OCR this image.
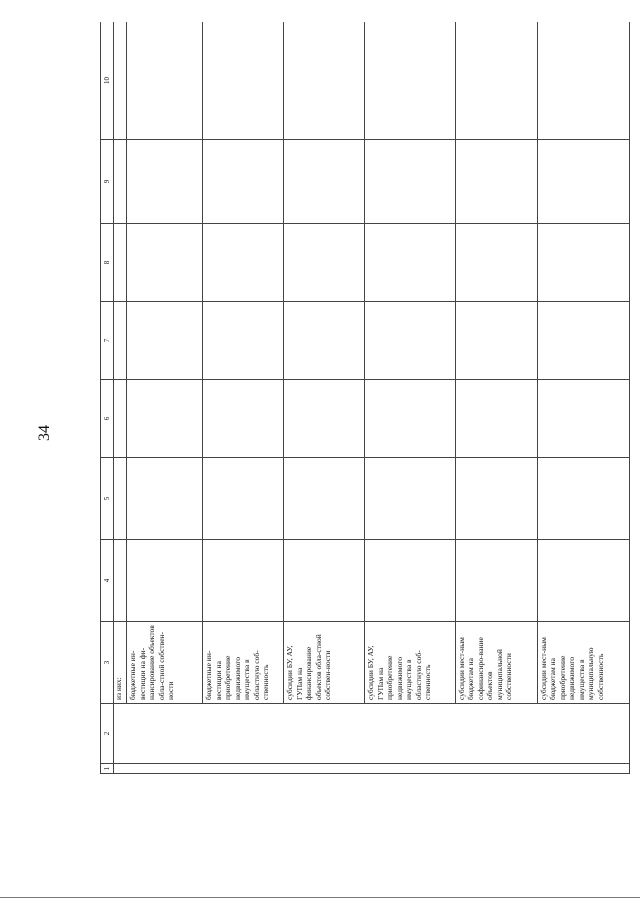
34
1	2	3	4	5	6	7	8	9	10
		из них:							
		бюджетные ин-вестиции на фи-нансирование объектов обла-стной собствен-ности							
		бюджетные ин-вестиции на приобретение недвижимого имущества в областную соб-ственность							
		субсидии БУ, АУ, ГУПам на финансирование объектов обла-стной собствен-ности							
		субсидии БУ, АУ, ГУПам на приобретение недвижимого имущества в областную соб-ственность							
		субсидии мест-ным бюджетам на софинансиро-вание объектов муниципальной собственности							
		субсидии мест-ным бюджетам на приобретение недвижимого имущества в муниципальную собственность							
